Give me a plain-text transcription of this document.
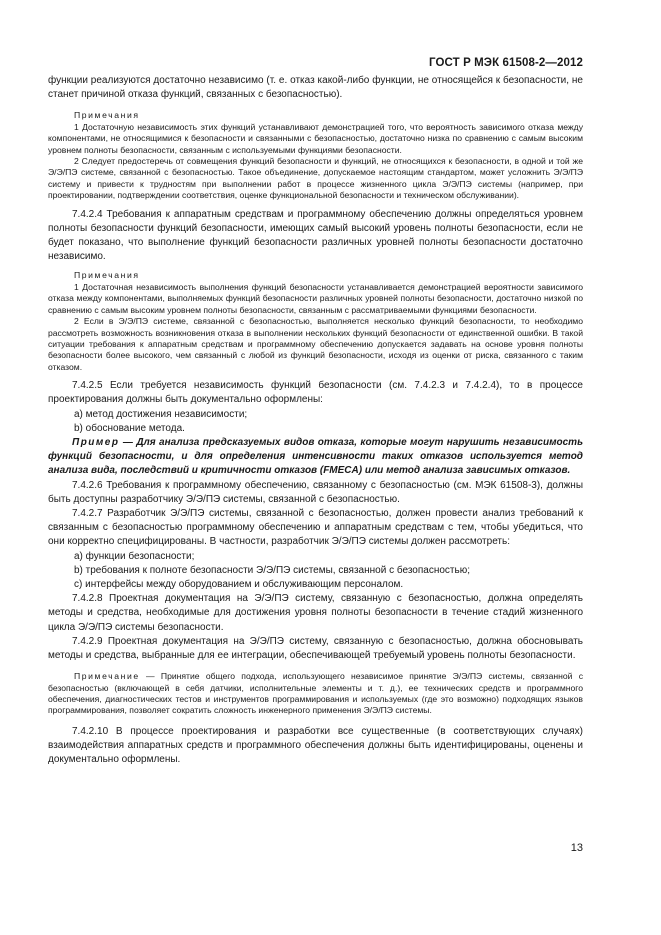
ГОСТ Р МЭК 61508-2—2012

функции реализуются достаточно независимо (т. е. отказ какой-либо функции, не относящейся к безопасности, не станет причиной отказа функций, связанных с безопасностью).

Примечания

1 Достаточную независимость этих функций устанавливают демонстрацией того, что вероятность зависимого отказа между компонентами, не относящимися к безопасности и связанными с безопасностью, достаточно низка по сравнению с самым высоким уровнем полноты безопасности, связанным с используемыми функциями безопасности.

2 Следует предостеречь от совмещения функций безопасности и функций, не относящихся к безопасности, в одной и той же Э/Э/ПЭ системе, связанной с безопасностью. Такое объединение, допускаемое настоящим стандартом, может усложнить Э/Э/ПЭ систему и привести к трудностям при выполнении работ в процессе жизненного цикла Э/Э/ПЭ системы (например, при проектировании, подтверждении соответствия, оценке функциональной безопасности и техническом обслуживании).

7.4.2.4 Требования к аппаратным средствам и программному обеспечению должны определяться уровнем полноты безопасности функций безопасности, имеющих самый высокий уровень полноты безопасности, если не будет показано, что выполнение функций безопасности различных уровней полноты безопасности достаточно независимо.

Примечания

1 Достаточная независимость выполнения функций безопасности устанавливается демонстрацией вероятности зависимого отказа между компонентами, выполняемых функций безопасности различных уровней полноты безопасности, достаточно низкой по сравнению с самым высоким уровнем полноты безопасности, связанным с рассматриваемыми функциями безопасности.

2 Если в Э/Э/ПЭ системе, связанной с безопасностью, выполняется несколько функций безопасности, то необходимо рассмотреть возможность возникновения отказа в выполнении нескольких функций безопасности от единственной ошибки. В такой ситуации требования к аппаратным средствам и программному обеспечению допускается задавать на основе уровня полноты безопасности более высокого, чем связанный с любой из функций безопасности, исходя из оценки от риска, связанного с таким отказом.

7.4.2.5 Если требуется независимость функций безопасности (см. 7.4.2.3 и 7.4.2.4), то в процессе проектирования должны быть документально оформлены:

а) метод достижения независимости;

b) обоснование метода.

Пример — Для анализа предсказуемых видов отказа, которые могут нарушить независимость функций безопасности, и для определения интенсивности таких отказов используется метод анализа вида, последствий и критичности отказов (FMECA) или метод анализа зависимых отказов.

7.4.2.6 Требования к программному обеспечению, связанному с безопасностью (см. МЭК 61508-3), должны быть доступны разработчику Э/Э/ПЭ системы, связанной с безопасностью.

7.4.2.7 Разработчик Э/Э/ПЭ системы, связанной с безопасностью, должен провести анализ требований к связанным с безопасностью программному обеспечению и аппаратным средствам с тем, чтобы убедиться, что они корректно специфицированы. В частности, разработчик Э/Э/ПЭ системы должен рассмотреть:

а) функции безопасности;

b) требования к полноте безопасности Э/Э/ПЭ системы, связанной с безопасностью;

с) интерфейсы между оборудованием и обслуживающим персоналом.

7.4.2.8 Проектная документация на Э/Э/ПЭ систему, связанную с безопасностью, должна определять методы и средства, необходимые для достижения уровня полноты безопасности в течение стадий жизненного цикла Э/Э/ПЭ системы безопасности.

7.4.2.9 Проектная документация на Э/Э/ПЭ систему, связанную с безопасностью, должна обосновывать методы и средства, выбранные для ее интеграции, обеспечивающей требуемый уровень полноты безопасности.

Примечание — Принятие общего подхода, использующего независимое принятие Э/Э/ПЭ системы, связанной с безопасностью (включающей в себя датчики, исполнительные элементы и т. д.), ее технических средств и программного обеспечения, диагностических тестов и инструментов программирования и используемых (где это возможно) подходящих языков программирования, позволяет сократить сложность инженерного применения Э/Э/ПЭ системы.

7.4.2.10 В процессе проектирования и разработки все существенные (в соответствующих случаях) взаимодействия аппаратных средств и программного обеспечения должны быть идентифицированы, оценены и документально оформлены.

13
